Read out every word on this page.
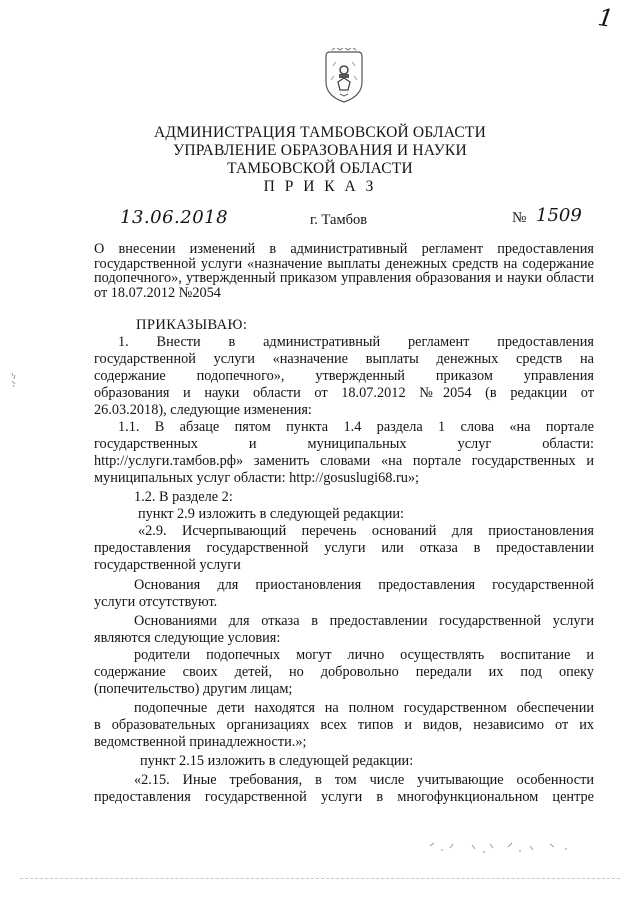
1
АДМИНИСТРАЦИЯ ТАМБОВСКОЙ ОБЛАСТИ
УПРАВЛЕНИЕ ОБРАЗОВАНИЯ И НАУКИ
ТАМБОВСКОЙ ОБЛАСТИ
П Р И К А З
13.06.2018	г. Тамбов	№ 1509
О внесении изменений в административный регламент предоставления государственной услуги «назначение выплаты денежных средств на содержание подопечного», утвержденный приказом управления образования и науки области от 18.07.2012 №2054
ПРИКАЗЫВАЮ:
1. Внести в административный регламент предоставления
государственной услуги «назначение выплаты денежных средств на
содержание подопечного», утвержденный приказом управления
образования и науки области от 18.07.2012 №2054 (в редакции от
26.03.2018), следующие изменения:
1.1. В абзаце пятом пункта 1.4 раздела 1 слова «на портале
государственных и муниципальных услуг области:
http://услуги.тамбов.рф» заменить словами «на портале государственных и
муниципальных услуг области: http://gosuslugi68.ru»;
1.2. В разделе 2:
пункт 2.9 изложить в следующей редакции:
«2.9. Исчерпывающий перечень оснований для приостановления
предоставления государственной услуги или отказа в предоставлении
государственной услуги
Основания для приостановления предоставления государственной
услуги отсутствуют.
Основаниями для отказа в предоставлении государственной услуги
являются следующие условия:
родители подопечных могут лично осуществлять воспитание и
содержание своих детей, но добровольно передали их под опеку
(попечительство) другим лицам;
подопечные дети находятся на полном государственном обеспечении
в образовательных организациях всех типов и видов, независимо от их
ведомственной принадлежности.»;
пункт 2.15 изложить в следующей редакции:
«2.15. Иные требования, в том числе учитывающие особенности
предоставления государственной услуги в многофункциональном центре
